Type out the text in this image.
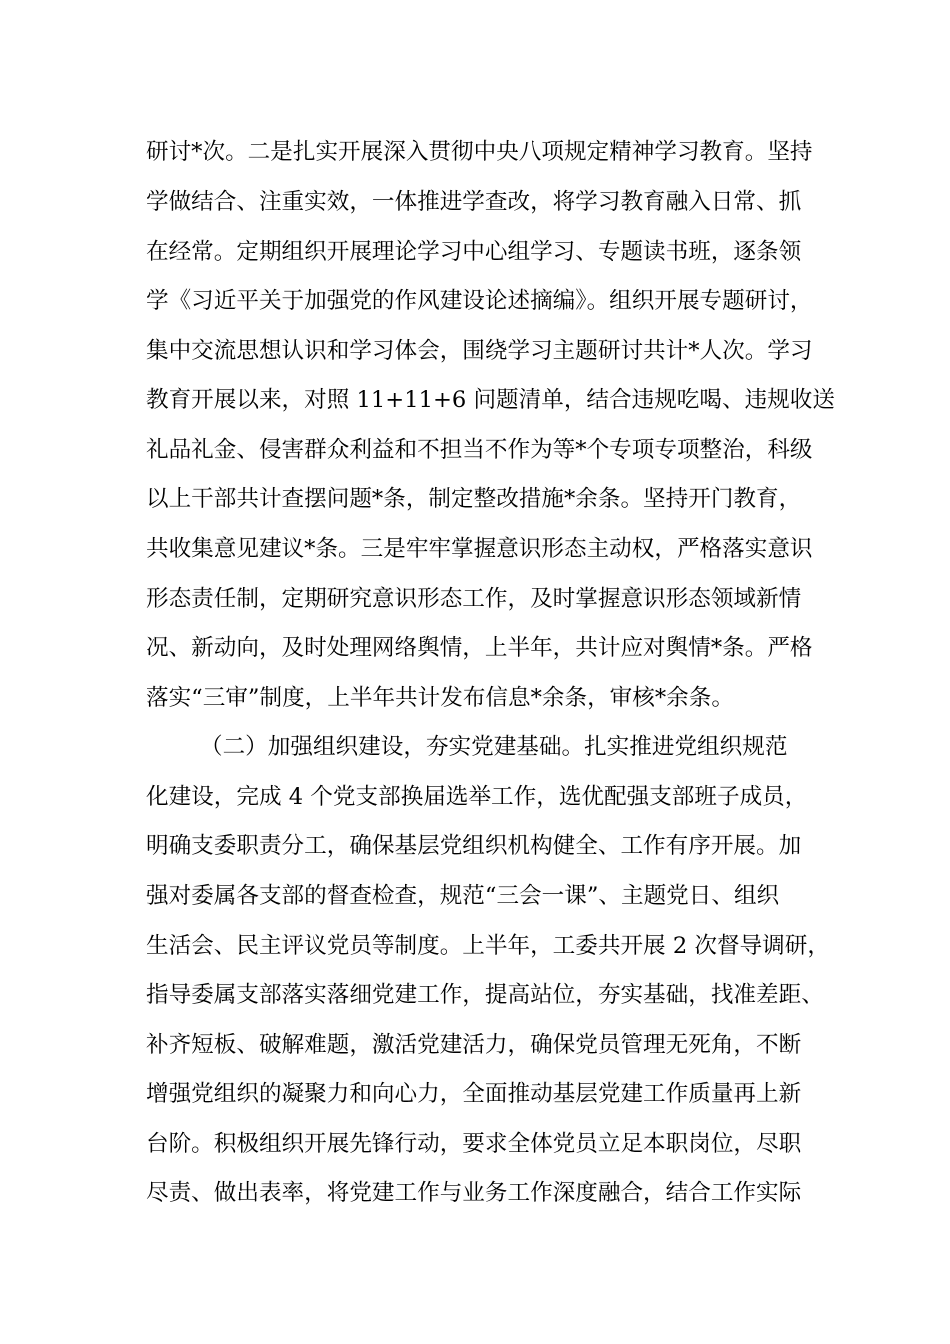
研讨*次。二是扎实开展深入贯彻中央八项规定精神学习教育。坚持
学做结合、注重实效，一体推进学查改，将学习教育融入日常、抓
在经常。定期组织开展理论学习中心组学习、专题读书班，逐条领
学《习近平关于加强党的作风建设论述摘编》。组织开展专题研讨，
集中交流思想认识和学习体会，围绕学习主题研讨共计*人次。学习
教育开展以来，对照 11+11+6 问题清单，结合违规吃喝、违规收送
礼品礼金、侵害群众利益和不担当不作为等*个专项专项整治，科级
以上干部共计查摆问题*条，制定整改措施*余条。坚持开门教育，
共收集意见建议*条。三是牢牢掌握意识形态主动权，严格落实意识
形态责任制，定期研究意识形态工作，及时掌握意识形态领域新情
况、新动向，及时处理网络舆情，上半年，共计应对舆情*条。严格
落实“三审”制度，上半年共计发布信息*余条，审核*余条。
（二）加强组织建设，夯实党建基础。扎实推进党组织规范
化建设，完成 4 个党支部换届选举工作，选优配强支部班子成员，
明确支委职责分工，确保基层党组织机构健全、工作有序开展。加
强对委属各支部的督查检查，规范“三会一课”、主题党日、组织
生活会、民主评议党员等制度。上半年，工委共开展 2 次督导调研，
指导委属支部落实落细党建工作，提高站位，夯实基础，找准差距、
补齐短板、破解难题，激活党建活力，确保党员管理无死角，不断
增强党组织的凝聚力和向心力，全面推动基层党建工作质量再上新
台阶。积极组织开展先锋行动，要求全体党员立足本职岗位，尽职
尽责、做出表率，将党建工作与业务工作深度融合，结合工作实际
